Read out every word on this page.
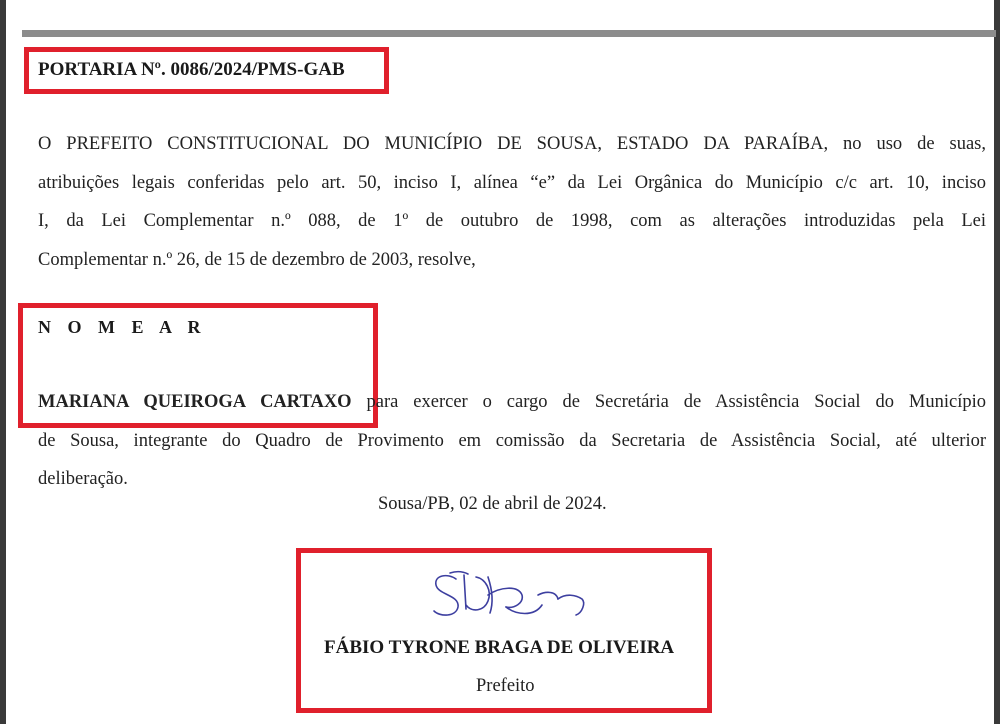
PORTARIA Nº. 0086/2024/PMS-GAB
O PREFEITO CONSTITUCIONAL DO MUNICÍPIO DE SOUSA, ESTADO DA PARAÍBA, no uso de suas,
atribuições legais conferidas pelo art. 50, inciso I, alínea “e” da Lei Orgânica do Município c/c art. 10, inciso
I, da Lei Complementar n.º 088, de 1º de outubro de 1998, com as alterações introduzidas pela Lei
Complementar n.º 26, de 15 de dezembro de 2003, resolve,
N O M E A R
MARIANA QUEIROGA CARTAXO para exercer o cargo de Secretária de Assistência Social do Município
de Sousa, integrante do Quadro de Provimento em comissão da Secretaria de Assistência Social, até ulterior
deliberação.
Sousa/PB, 02 de abril de 2024.
FÁBIO TYRONE BRAGA DE OLIVEIRA
Prefeito
